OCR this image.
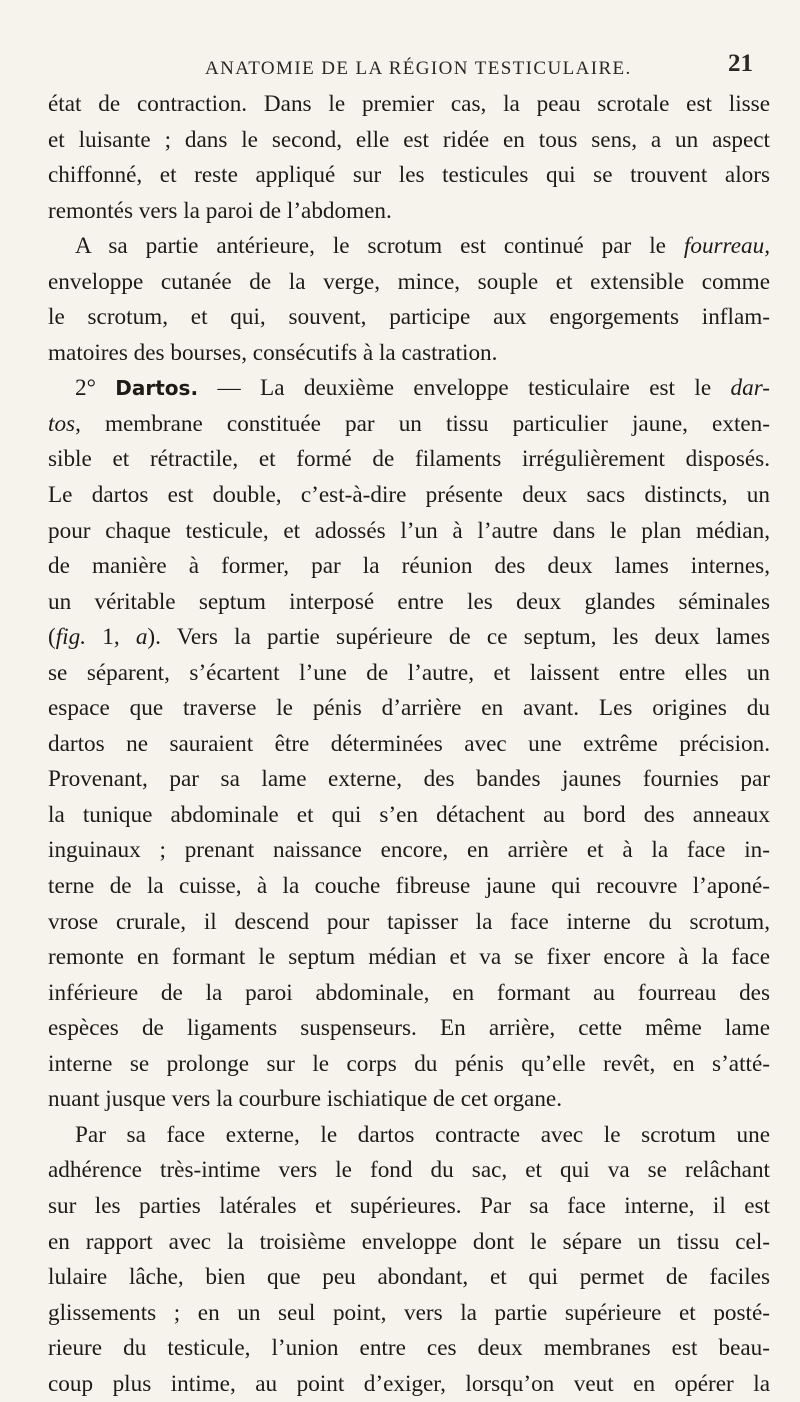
ANATOMIE DE LA RÉGION TESTICULAIRE.	21
état de contraction. Dans le premier cas, la peau scrotale est lisse
et luisante ; dans le second, elle est ridée en tous sens, a un aspect
chiffonné, et reste appliqué sur les testicules qui se trouvent alors
remontés vers la paroi de l’abdomen.
A sa partie antérieure, le scrotum est continué par le fourreau,
enveloppe cutanée de la verge, mince, souple et extensible comme
le scrotum, et qui, souvent, participe aux engorgements inflam-
matoires des bourses, consécutifs à la castration.
2° Dartos. — La deuxième enveloppe testiculaire est le dar-
tos, membrane constituée par un tissu particulier jaune, exten-
sible et rétractile, et formé de filaments irrégulièrement disposés.
Le dartos est double, c’est-à-dire présente deux sacs distincts, un
pour chaque testicule, et adossés l’un à l’autre dans le plan médian,
de manière à former, par la réunion des deux lames internes,
un véritable septum interposé entre les deux glandes séminales
(fig. 1, a). Vers la partie supérieure de ce septum, les deux lames
se séparent, s’écartent l’une de l’autre, et laissent entre elles un
espace que traverse le pénis d’arrière en avant. Les origines du
dartos ne sauraient être déterminées avec une extrême précision.
Provenant, par sa lame externe, des bandes jaunes fournies par
la tunique abdominale et qui s’en détachent au bord des anneaux
inguinaux ; prenant naissance encore, en arrière et à la face in-
terne de la cuisse, à la couche fibreuse jaune qui recouvre l’aponé-
vrose crurale, il descend pour tapisser la face interne du scrotum,
remonte en formant le septum médian et va se fixer encore à la face
inférieure de la paroi abdominale, en formant au fourreau des
espèces de ligaments suspenseurs. En arrière, cette même lame
interne se prolonge sur le corps du pénis qu’elle revêt, en s’atté-
nuant jusque vers la courbure ischiatique de cet organe.
Par sa face externe, le dartos contracte avec le scrotum une
adhérence très-intime vers le fond du sac, et qui va se relâchant
sur les parties latérales et supérieures. Par sa face interne, il est
en rapport avec la troisième enveloppe dont le sépare un tissu cel-
lulaire lâche, bien que peu abondant, et qui permet de faciles
glissements ; en un seul point, vers la partie supérieure et posté-
rieure du testicule, l’union entre ces deux membranes est beau-
coup plus intime, au point d’exiger, lorsqu’on veut en opérer la
